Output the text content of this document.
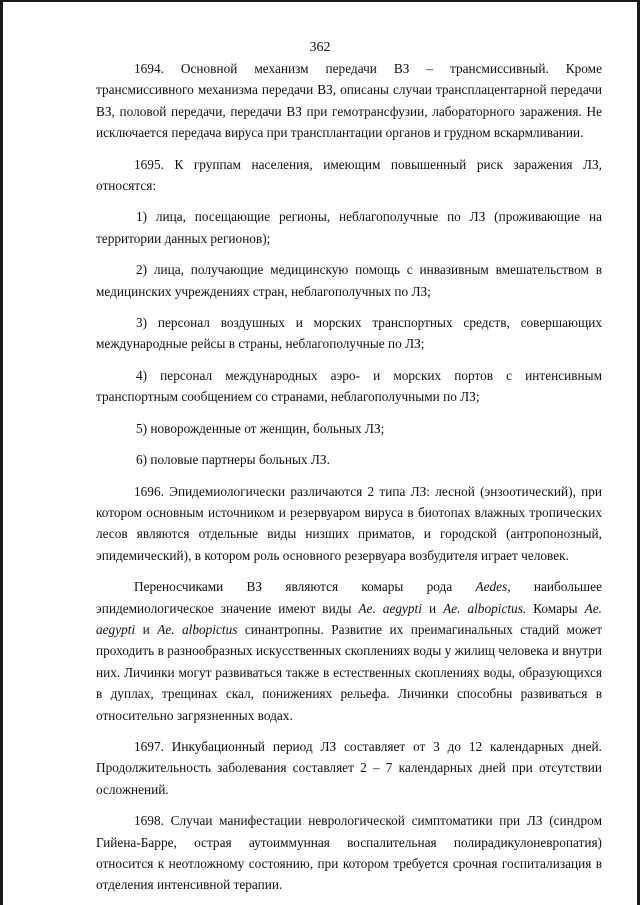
362

1694. Основной механизм передачи ВЗ – трансмиссивный. Кроме трансмиссивного механизма передачи ВЗ, описаны случаи трансплацентарной передачи ВЗ, половой передачи, передачи ВЗ при гемотрансфузии, лабораторного заражения. Не исключается передача вируса при трансплантации органов и грудном вскармливании.

1695. К группам населения, имеющим повышенный риск заражения ЛЗ, относятся:

1) лица, посещающие регионы, неблагополучные по ЛЗ (проживающие на территории данных регионов);

2) лица, получающие медицинскую помощь с инвазивным вмешательством в медицинских учреждениях стран, неблагополучных по ЛЗ;

3) персонал воздушных и морских транспортных средств, совершающих международные рейсы в страны, неблагополучные по ЛЗ;

4) персонал международных аэро- и морских портов с интенсивным транспортным сообщением со странами, неблагополучными по ЛЗ;

5) новорожденные от женщин, больных ЛЗ;

6) половые партнеры больных ЛЗ.

1696. Эпидемиологически различаются 2 типа ЛЗ: лесной (энзоотический), при котором основным источником и резервуаром вируса в биотопах влажных тропических лесов являются отдельные виды низших приматов, и городской (антропонозный, эпидемический), в котором роль основного резервуара возбудителя играет человек.

Переносчиками ВЗ являются комары рода Aedes, наибольшее эпидемиологическое значение имеют виды Ae. aegypti и Ae. albopictus. Комары Ae. aegypti и Ae. albopictus синантропны. Развитие их преимагинальных стадий может проходить в разнообразных искусственных скоплениях воды у жилищ человека и внутри них. Личинки могут развиваться также в естественных скоплениях воды, образующихся в дуплах, трещинах скал, понижениях рельефа. Личинки способны развиваться в относительно загрязненных водах.

1697. Инкубационный период ЛЗ составляет от 3 до 12 календарных дней. Продолжительность заболевания составляет 2 – 7 календарных дней при отсутствии осложнений.

1698. Случаи манифестации неврологической симптоматики при ЛЗ (синдром Гийена-Барре, острая аутоиммунная воспалительная полирадикулоневропатия) относится к неотложному состоянию, при котором требуется срочная госпитализация в отделения интенсивной терапии.
